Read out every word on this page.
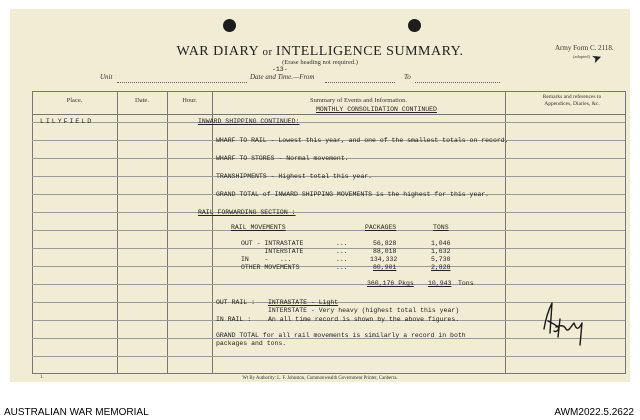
WAR DIARY or INTELLIGENCE SUMMARY.
(Erase heading not required.)
Army Form C. 2118.
(adapted) ➤
Unit
-13-
Date and Time.—From	To
Place.	Date.	Hour.	Summary of Events and Information.	Remarks and references to
Appendices, Diaries, &c.
MONTHLY CONSOLIDATION CONTINUED
LILYFIELD	INWARD SHIPPING CONTINUED:
WHARF TO RAIL - Lowest this year, and one of the smallest totals on record.
WHARF TO STORES - Normal movement.
TRANSHIPMENTS - Highest total this year.
GRAND TOTAL of INWARD SHIPPING MOVEMENTS is the highest for this year.
RAIL FORWARDING SECTION :
RAIL MOVEMENTS	PACKAGES	TONS
OUT - INTRASTATE	...	56,828	1,046
INTERSTATE	...	88,018	1,632
IN    -   ...	...	134,332	5,730
OTHER MOVEMENTS	...	80,901	2,828
360,176 Pkgs 10,943 Tons
OUT RAIL : INTRASTATE - Light
INTERSTATE - Very heavy (highest total this year)
IN RAIL :	An all time record is shown by the above figures.
GRAND TOTAL for all rail movements is similarly a record in both
packages and tons.
1.	Wt By Authority: L. F. Johnston, Commonwealth Government Printer, Canberra.
AUSTRALIAN WAR MEMORIAL	AWM2022.5.2622
